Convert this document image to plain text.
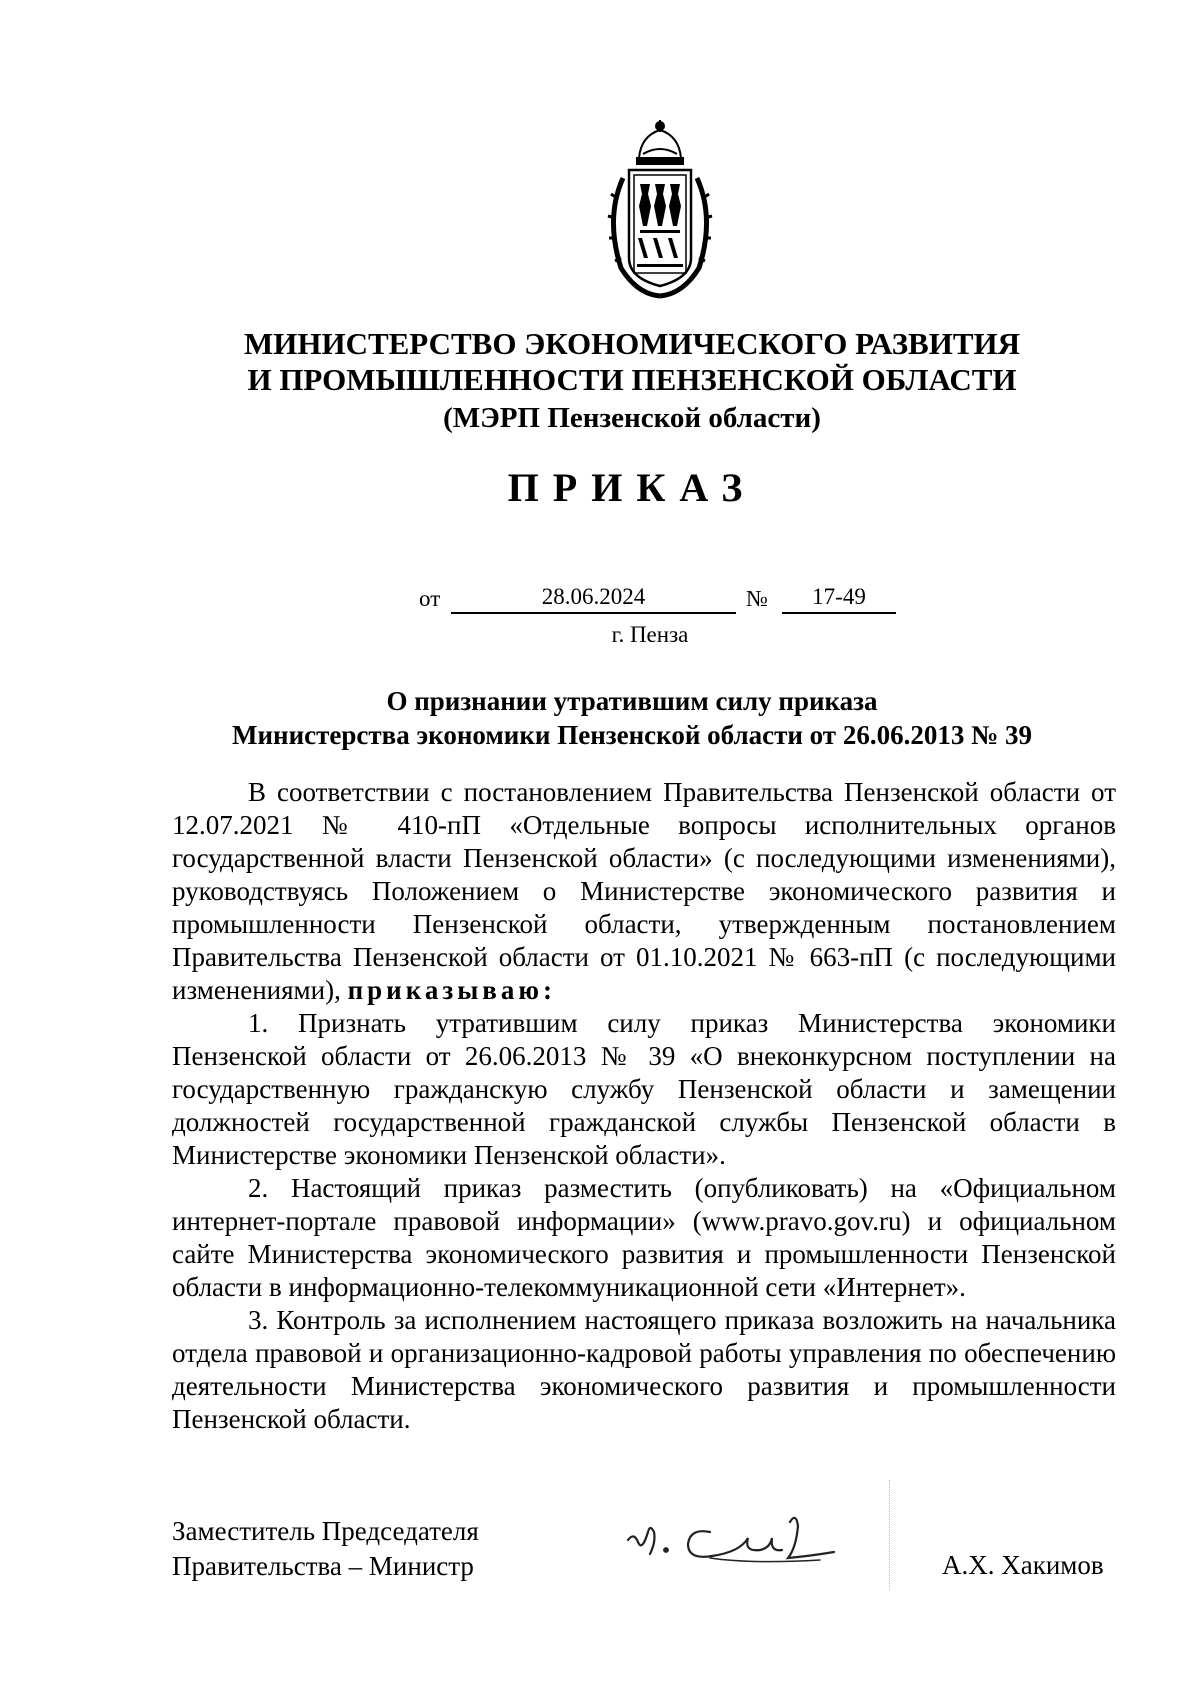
МИНИСТЕРСТВО ЭКОНОМИЧЕСКОГО РАЗВИТИЯ
И ПРОМЫШЛЕННОСТИ ПЕНЗЕНСКОЙ ОБЛАСТИ
(МЭРП Пензенской области)
ПРИКАЗ
от	28.06.2024	№	17-49
г. Пенза
О признании утратившим силу приказа
Министерства экономики Пензенской области от 26.06.2013 № 39

В соответствии с постановлением Правительства Пензенской области от 12.07.2021 № 410-пП «Отдельные вопросы исполнительных органов государственной власти Пензенской области» (с последующими изменениями), руководствуясь Положением о Министерстве экономического развития и промышленности Пензенской области, утвержденным постановлением Правительства Пензенской области от 01.10.2021 № 663-пП (с последующими изменениями), приказываю:

1. Признать утратившим силу приказ Министерства экономики Пензенской области от 26.06.2013 № 39 «О внеконкурсном поступлении на государственную гражданскую службу Пензенской области и замещении должностей государственной гражданской службы Пензенской области в Министерстве экономики Пензенской области».

2. Настоящий приказ разместить (опубликовать) на «Официальном интернет-портале правовой информации» (www.pravo.gov.ru) и официальном сайте Министерства экономического развития и промышленности Пензенской области в информационно-телекоммуникационной сети «Интернет».

3. Контроль за исполнением настоящего приказа возложить на начальника отдела правовой и организационно-кадровой работы управления по обеспечению деятельности Министерства экономического развития и промышленности Пензенской области.

Заместитель Председателя
Правительства – Министр	А.Х. Хакимов
